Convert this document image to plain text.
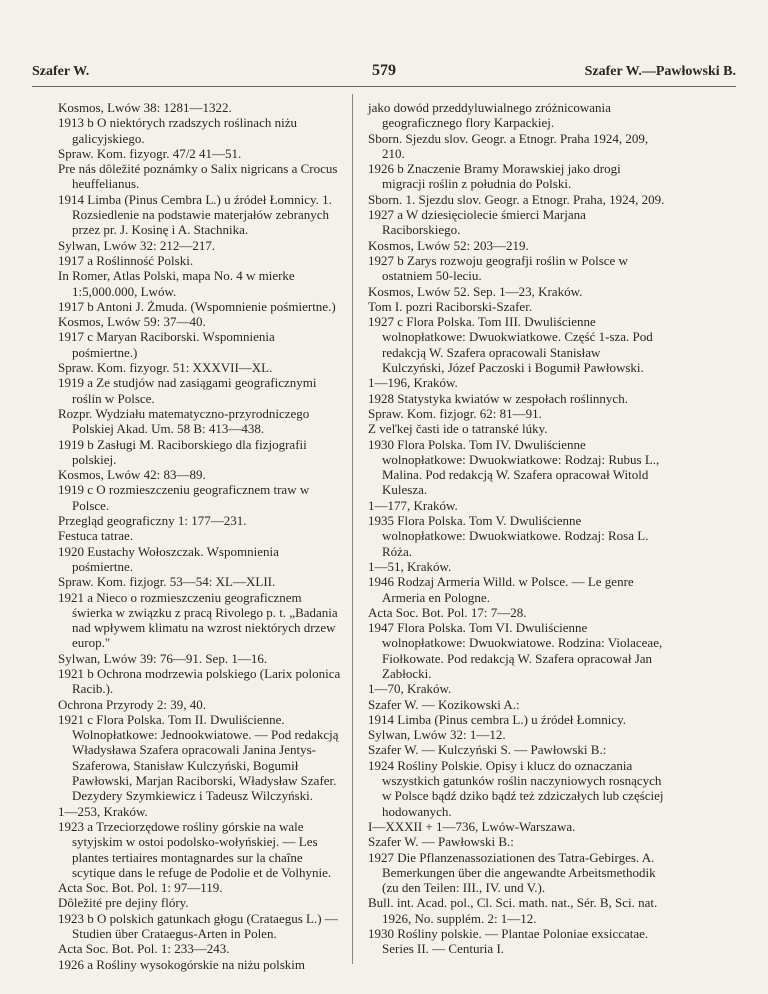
Szafer W.	579	Szafer W.—Pawłowski B.

Kosmos, Lwów 38: 1281—1322.

1913 b O niektórych rzadszych roślinach niżu galicyjskiego.

Spraw. Kom. fizyogr. 47/2 41—51.

Pre nás dôležité poznámky o Salix nigricans a Crocus heuffelianus.

1914 Limba (Pinus Cembra L.) u źródeł Łomnicy. 1. Rozsiedlenie na podstawie materjałów zebranych przez pr. J. Kosinę i A. Stachnika.

Sylwan, Lwów 32: 212—217.

1917 a Roślinność Polski.

In Romer, Atlas Polski, mapa No. 4 w mierke 1:5,000.000, Lwów.

1917 b Antoni J. Żmuda. (Wspomnienie pośmiertne.)

Kosmos, Lwów 59: 37—40.

1917 c Maryan Raciborski. Wspomnienia pośmiertne.)

Spraw. Kom. fizyogr. 51: XXXVII—XL.

1919 a Ze studjów nad zasiągami geograficznymi roślin w Polsce.

Rozpr. Wydziału matematyczno-przyrodniczego Polskiej Akad. Um. 58 B: 413—438.

1919 b Zasługi M. Raciborskiego dla fizjografii polskiej.

Kosmos, Lwów 42: 83—89.

1919 c O rozmieszczeniu geograficznem traw w Polsce.

Przegląd geograficzny 1: 177—231.

Festuca tatrae.

1920 Eustachy Wołoszczak. Wspomnienia pośmiertne.

Spraw. Kom. fizjogr. 53—54: XL—XLII.

1921 a Nieco o rozmieszczeniu geograficznem świerka w związku z pracą Rivolego p. t. „Badania nad wpływem klimatu na wzrost niektórych drzew europ."

Sylwan, Lwów 39: 76—91. Sep. 1—16.

1921 b Ochrona modrzewia polskiego (Larix polonica Racib.).

Ochrona Przyrody 2: 39, 40.

1921 c Flora Polska. Tom II. Dwuliścienne. Wolnopłatkowe: Jednookwiatowe. — Pod redakcją Władysława Szafera opracowali Janina Jentys-Szaferowa, Stanisław Kulczyński, Bogumił Pawłowski, Marjan Raciborski, Władysław Szafer. Dezydery Szymkiewicz i Tadeusz Wilczyński.

1—253, Kraków.

1923 a Trzeciorzędowe rośliny górskie na wale sytyjskim w ostoi podolsko-wołyńskiej. — Les plantes tertiaires montagnardes sur la chaîne scytique dans le refuge de Podolie et de Volhynie.

Acta Soc. Bot. Pol. 1: 97—119.

Dôležité pre dejiny flóry.

1923 b O polskich gatunkach głogu (Crataegus L.) — Studien über Crataegus-Arten in Polen.

Acta Soc. Bot. Pol. 1: 233—243.

1926 a Rośliny wysokogórskie na niżu polskim

jako dowód przeddyluwialnego zróżnicowania geograficznego flory Karpackiej.

Sborn. Sjezdu slov. Geogr. a Etnogr. Praha 1924, 209, 210.

1926 b Znaczenie Bramy Morawskiej jako drogi migracji roślin z południa do Polski.

Sborn. 1. Sjezdu slov. Geogr. a Etnogr. Praha, 1924, 209.

1927 a W dziesięciolecie śmierci Marjana Raciborskiego.

Kosmos, Lwów 52: 203—219.

1927 b Zarys rozwoju geografji roślin w Polsce w ostatniem 50-leciu.

Kosmos, Lwów 52. Sep. 1—23, Kraków.

Tom I. pozri Raciborski-Szafer.

1927 c Flora Polska. Tom III. Dwuliścienne wolnopłatkowe: Dwuokwiatkowe. Część 1-sza. Pod redakcją W. Szafera opracowali Stanisław Kulczyński, Józef Paczoski i Bogumił Pawłowski.

1—196, Kraków.

1928 Statystyka kwiatów w zespołach roślinnych.

Spraw. Kom. fizjogr. 62: 81—91.

Z veľkej časti ide o tatranské lúky.

1930 Flora Polska. Tom IV. Dwuliścienne wolnopłatkowe: Dwuokwiatkowe: Rodzaj: Rubus L., Malina. Pod redakcją W. Szafera opracował Witold Kulesza.

1—177, Kraków.

1935 Flora Polska. Tom V. Dwuliścienne wolnopłatkowe: Dwuokwiatkowe. Rodzaj: Rosa L. Róża.

1—51, Kraków.

1946 Rodzaj Armeria Willd. w Polsce. — Le genre Armeria en Pologne.

Acta Soc. Bot. Pol. 17: 7—28.

1947 Flora Polska. Tom VI. Dwuliścienne wolnopłatkowe: Dwuokwiatowe. Rodzina: Violaceae, Fiołkowate. Pod redakcją W. Szafera opracował Jan Zabłocki.

1—70, Kraków.

Szafer W. — Kozikowski A.:

1914 Limba (Pinus cembra L.) u źródeł Łomnicy.

Sylwan, Lwów 32: 1—12.

Szafer W. — Kulczyński S. — Pawłowski B.:

1924 Rośliny Polskie. Opisy i klucz do oznaczania wszystkich gatunków roślin naczyniowych rosnących w Polsce bądź dziko bądź też zdziczałych lub częściej hodowanych.

I—XXXII + 1—736, Lwów-Warszawa.

Szafer W. — Pawłowski B.:

1927 Die Pflanzenassoziationen des Tatra-Gebirges. A. Bemerkungen über die angewandte Arbeitsmethodik (zu den Teilen: III., IV. und V.).

Bull. int. Acad. pol., Cl. Sci. math. nat., Sér. B, Sci. nat. 1926, No. supplém. 2: 1—12.

1930 Rośliny polskie. — Plantae Poloniae exsiccatae. Series II. — Centuria I.
